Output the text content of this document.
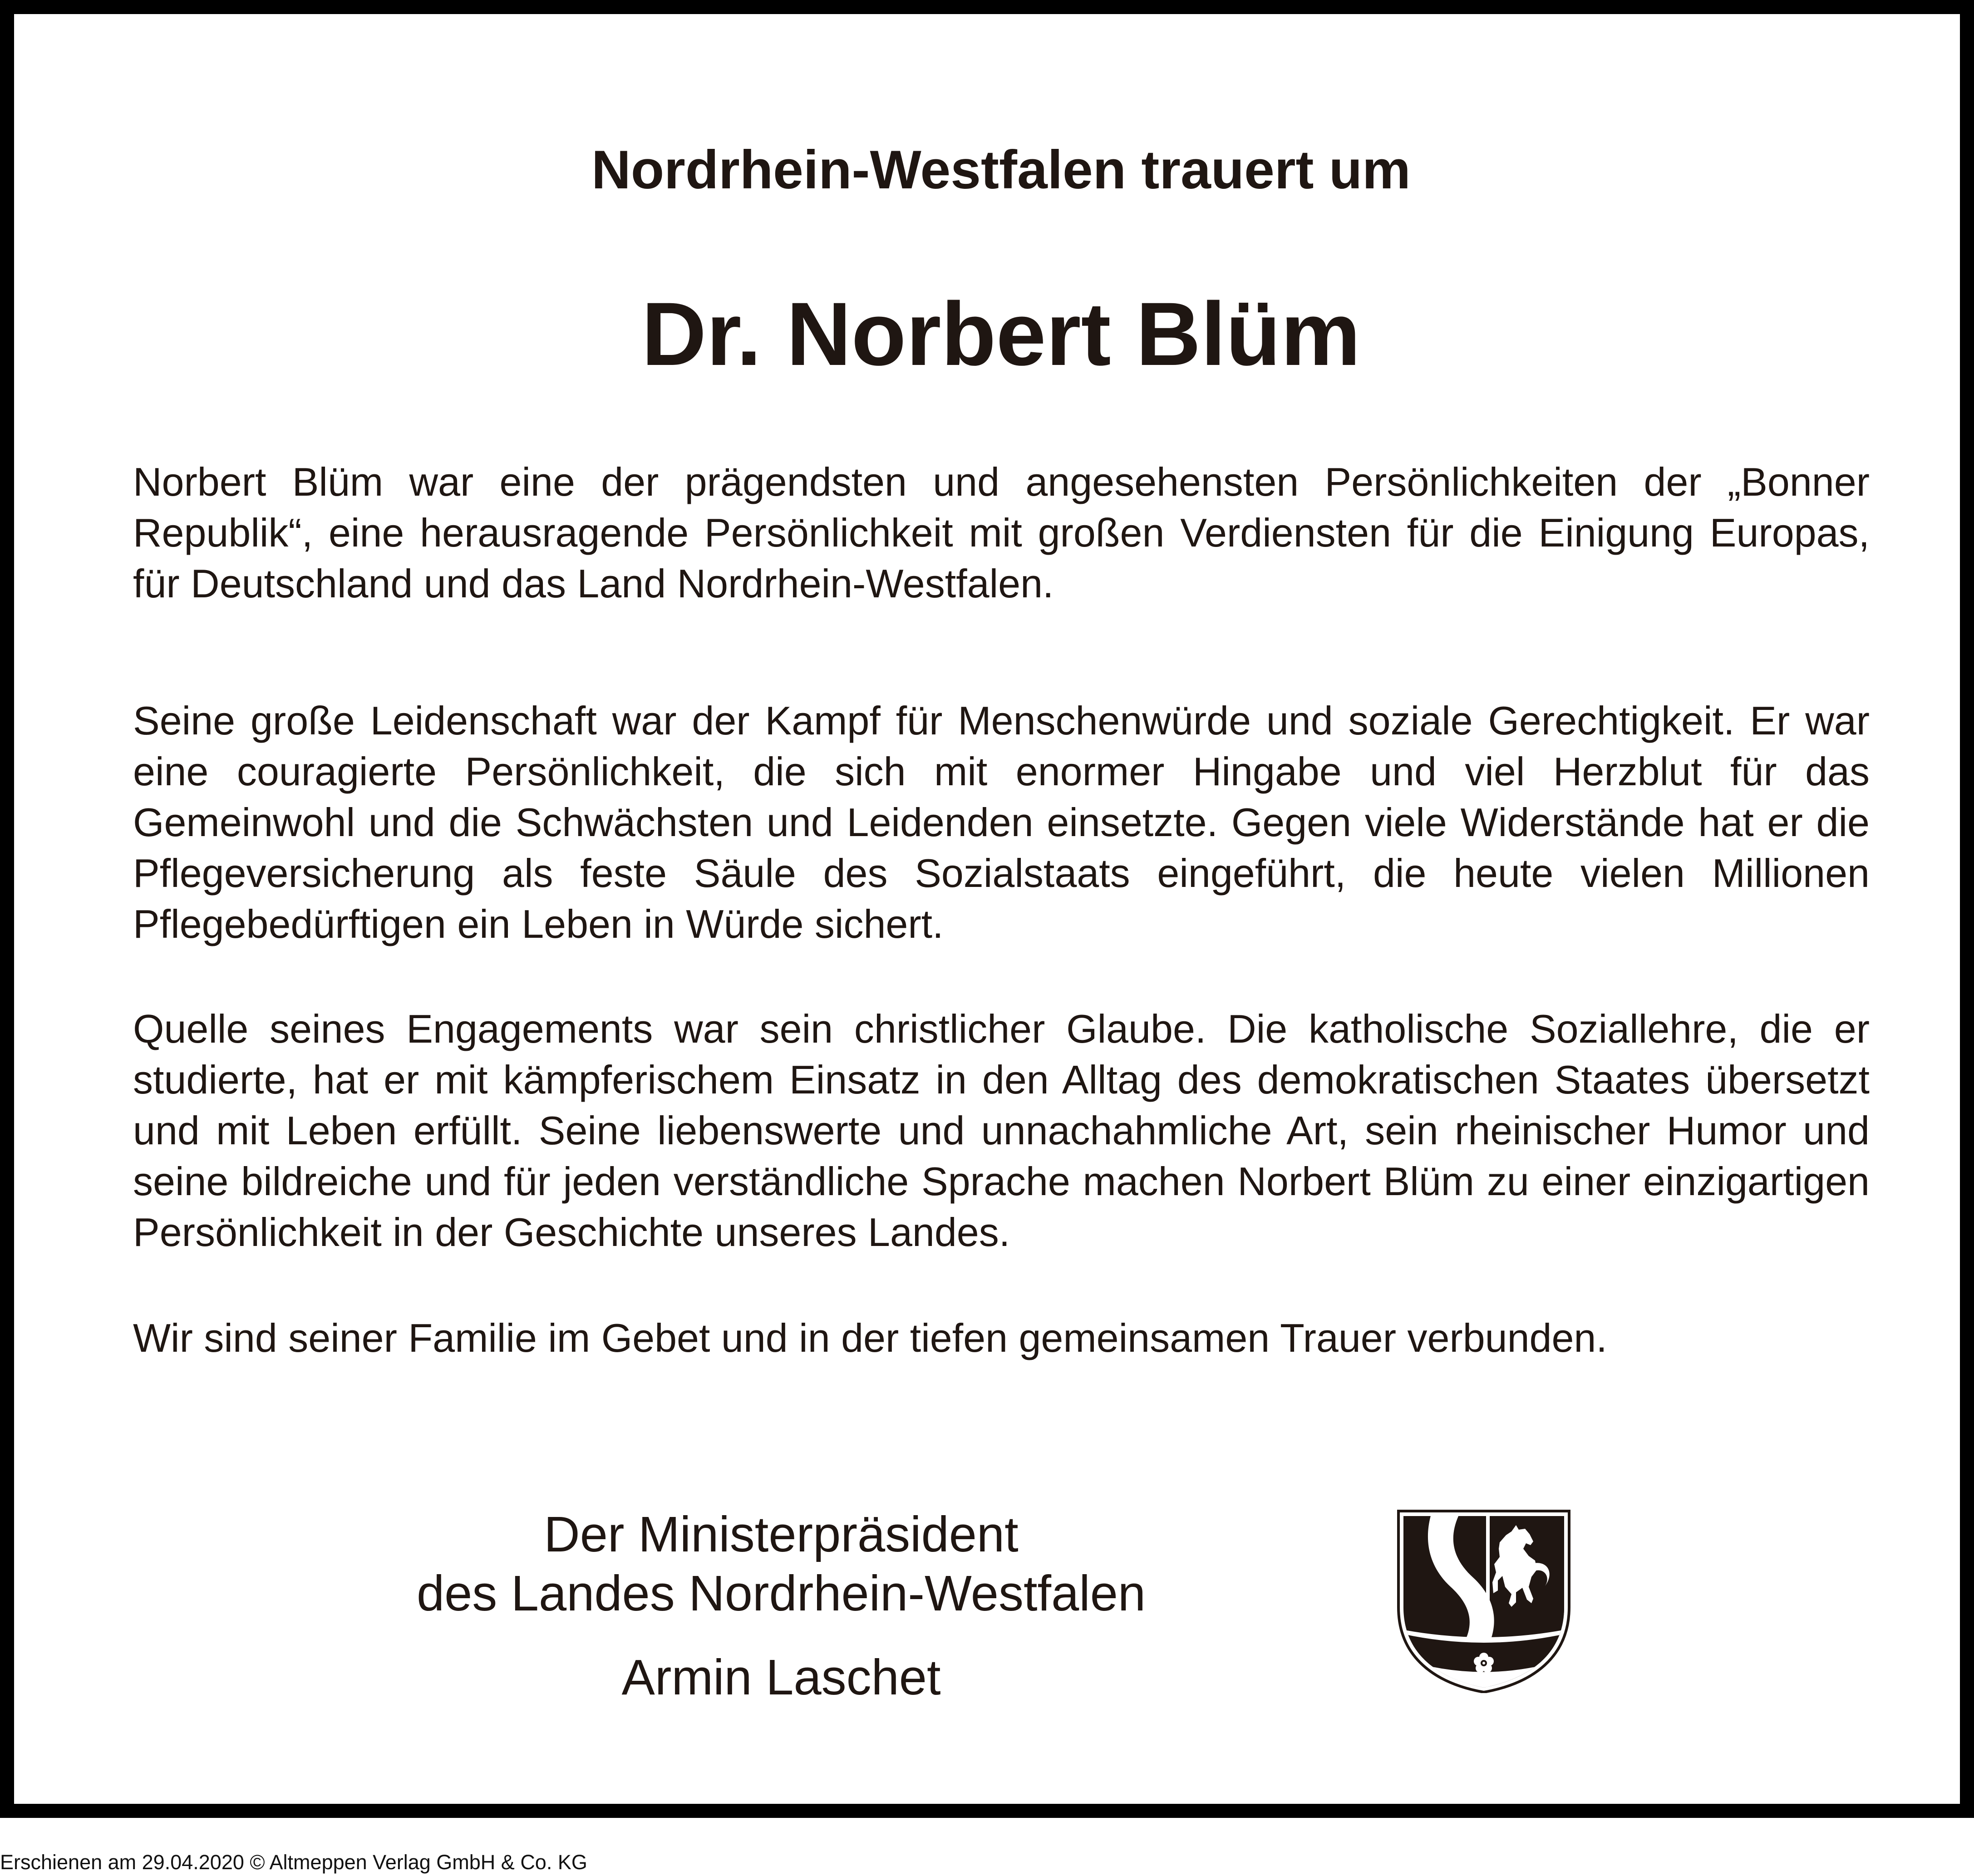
Nordrhein-Westfalen trauert um
Dr. Norbert Blüm

Norbert Blüm war eine der prägendsten und angesehensten Persönlichkeiten der „Bonner Republik“, eine herausragende Persönlichkeit mit großen Verdiensten für die Einigung Europas, für Deutschland und das Land Nordrhein-Westfalen.

Seine große Leidenschaft war der Kampf für Menschenwürde und soziale Gerechtigkeit. Er war eine couragierte Persönlichkeit, die sich mit enormer Hingabe und viel Herzblut für das Gemeinwohl und die Schwächsten und Leidenden einsetzte. Gegen viele Widerstände hat er die Pflegeversicherung als feste Säule des Sozialstaats eingeführt, die heute vielen Millionen Pflegebedürftigen ein Leben in Würde sichert.

Quelle seines Engagements war sein christlicher Glaube. Die katholische Soziallehre, die er studierte, hat er mit kämpferischem Einsatz in den Alltag des demokratischen Staates übersetzt und mit Leben erfüllt. Seine liebenswerte und unnachahmliche Art, sein rheinischer Humor und seine bildreiche und für jeden verständliche Sprache machen Norbert Blüm zu einer einzigartigen Persönlichkeit in der Geschichte unseres Landes.

Wir sind seiner Familie im Gebet und in der tiefen gemeinsamen Trauer verbunden.

Der Ministerpräsident
des Landes Nordrhein-Westfalen
Armin Laschet
Erschienen am 29.04.2020 © Altmeppen Verlag GmbH & Co. KG
